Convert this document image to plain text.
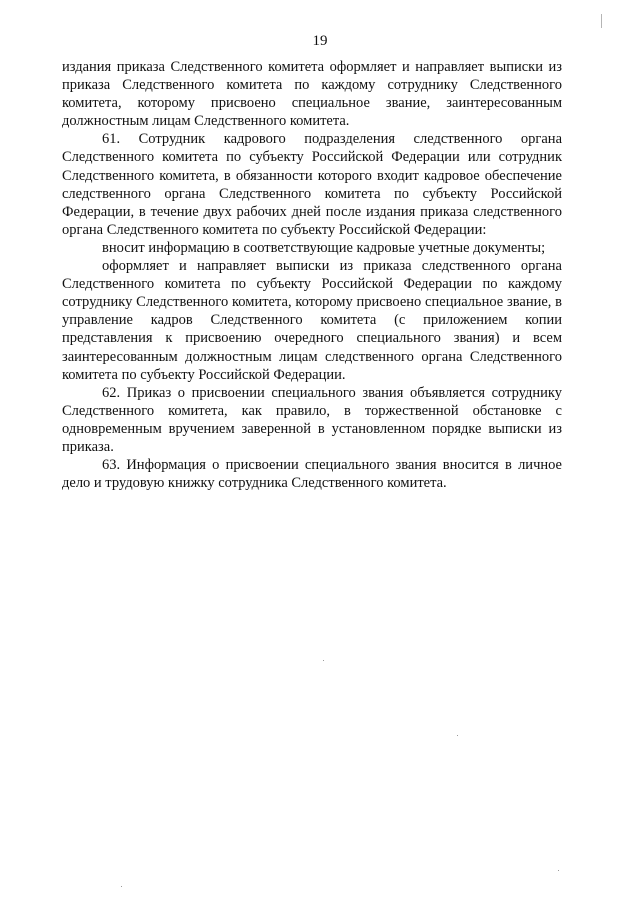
19

издания приказа Следственного комитета оформляет и направляет выписки из приказа Следственного комитета по каждому сотруднику Следственного комитета, которому присвоено специальное звание, заинтересованным должностным лицам Следственного комитета.

61. Сотрудник кадрового подразделения следственного органа Следственного комитета по субъекту Российской Федерации или сотрудник Следственного комитета, в обязанности которого входит кадровое обеспечение следственного органа Следственного комитета по субъекту Российской Федерации, в течение двух рабочих дней после издания приказа следственного органа Следственного комитета по субъекту Российской Федерации:

вносит информацию в соответствующие кадровые учетные документы;

оформляет и направляет выписки из приказа следственного органа Следственного комитета по субъекту Российской Федерации по каждому сотруднику Следственного комитета, которому присвоено специальное звание, в управление кадров Следственного комитета (с приложением копии представления к присвоению очередного специального звания) и всем заинтересованным должностным лицам следственного органа Следственного комитета по субъекту Российской Федерации.

62. Приказ о присвоении специального звания объявляется сотруднику Следственного комитета, как правило, в торжественной обстановке с одновременным вручением заверенной в установленном порядке выписки из приказа.

63. Информация о присвоении специального звания вносится в личное дело и трудовую книжку сотрудника Следственного комитета.
